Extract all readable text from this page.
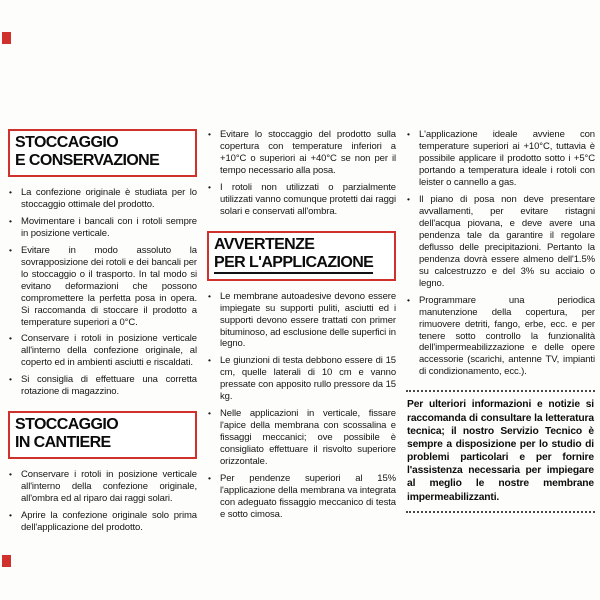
STOCCAGGIO
E CONSERVAZIONE
• La confezione originale è studiata per lo stoccaggio ottimale del prodotto.
• Movimentare i bancali con i rotoli sempre in posizione verticale.
• Evitare in modo assoluto la sovrapposizione dei rotoli e dei bancali per lo stoccaggio o il trasporto. In tal modo si evitano deformazioni che possono compromettere la perfetta posa in opera. Si raccomanda di stoccare il prodotto a temperature superiori a 0°C.
• Conservare i rotoli in posizione verticale all'interno della confezione originale, al coperto ed in ambienti asciutti e riscaldati.
• Si consiglia di effettuare una corretta rotazione di magazzino.
STOCCAGGIO
IN CANTIERE
• Conservare i rotoli in posizione verticale all'interno della confezione originale, all'ombra ed al riparo dai raggi solari.
• Aprire la confezione originale solo prima dell'applicazione del prodotto.
• Evitare lo stoccaggio del prodotto sulla copertura con temperature inferiori a +10°C o superiori ai +40°C se non per il tempo necessario alla posa.
• I rotoli non utilizzati o parzialmente utilizzati vanno comunque protetti dai raggi solari e conservati all'ombra.
AVVERTENZE
PER L'APPLICAZIONE
• Le membrane autoadesive devono essere impiegate su supporti puliti, asciutti ed i supporti devono essere trattati con primer bituminoso, ad esclusione delle superfici in legno.
• Le giunzioni di testa debbono essere di 15 cm, quelle laterali di 10 cm e vanno pressate con apposito rullo pressore da 15 kg.
• Nelle applicazioni in verticale, fissare l'apice della membrana con scossalina e fissaggi meccanici; ove possibile è consigliato effettuare il risvolto superiore orizzontale.
• Per pendenze superiori al 15% l'applicazione della membrana va integrata con adeguato fissaggio meccanico di testa e sotto cimosa.
• L'applicazione ideale avviene con temperature superiori ai +10°C, tuttavia è possibile applicare il prodotto sotto i +5°C portando a temperatura ideale i rotoli con leister o cannello a gas.
• Il piano di posa non deve presentare avvallamenti, per evitare ristagni dell'acqua piovana, e deve avere una pendenza tale da garantire il regolare deflusso delle precipitazioni. Pertanto la pendenza dovrà essere almeno dell'1.5% su calcestruzzo e del 3% su acciaio o legno.
• Programmare una periodica manutenzione della copertura, per rimuovere detriti, fango, erbe, ecc. e per tenere sotto controllo la funzionalità dell'impermeabilizzazione e delle opere accessorie (scarichi, antenne TV, impianti di condizionamento, ecc.).
Per ulteriori informazioni e notizie si raccomanda di consultare la letteratura tecnica; il nostro Servizio Tecnico è sempre a disposizione per lo studio di problemi particolari e per fornire l'assistenza necessaria per impiegare al meglio le nostre membrane impermeabilizzanti.
